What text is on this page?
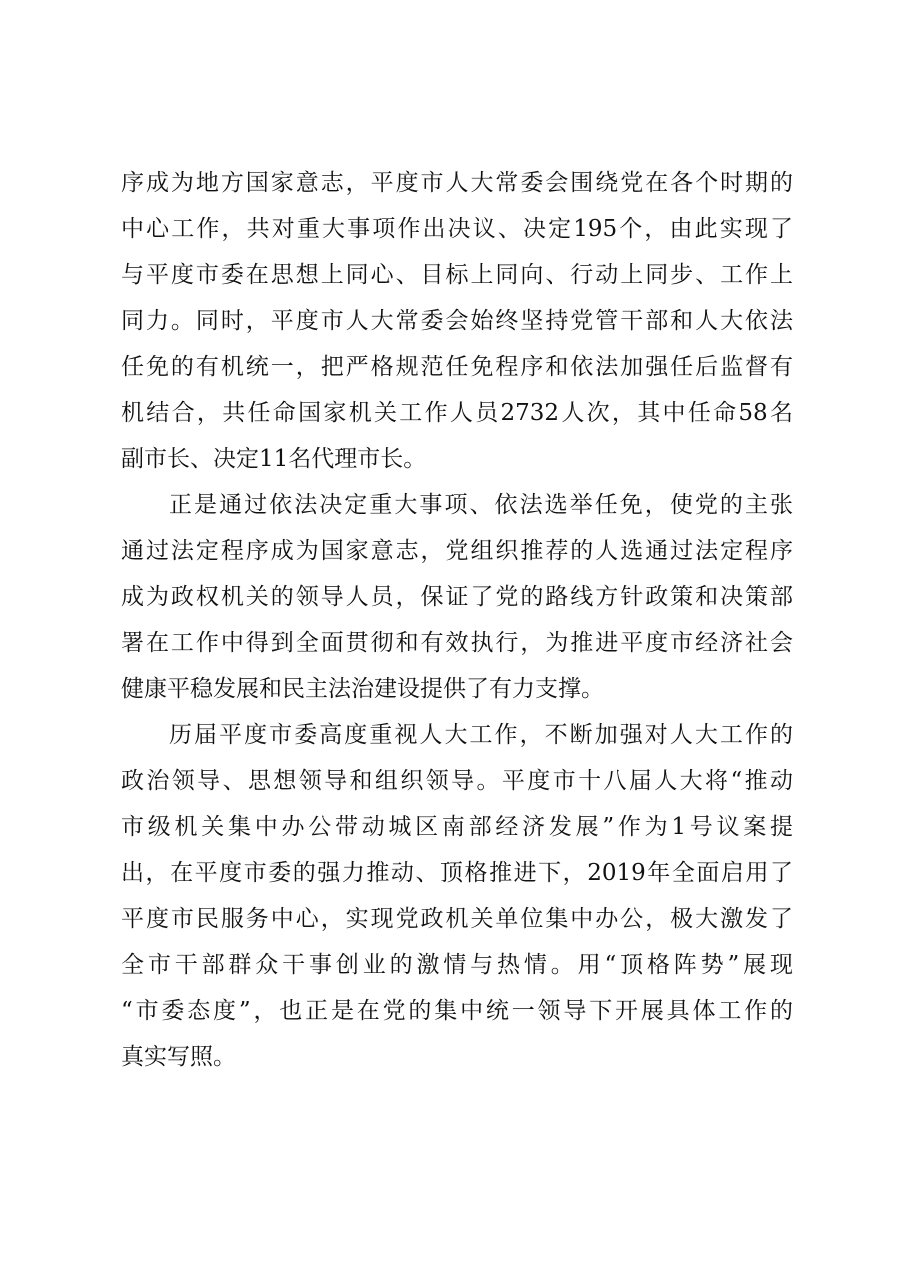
序成为地方国家意志，平度市人大常委会围绕党在各个时期的
中心工作，共对重大事项作出决议、决定195个，由此实现了
与平度市委在思想上同心、目标上同向、行动上同步、工作上
同力。同时，平度市人大常委会始终坚持党管干部和人大依法
任免的有机统一，把严格规范任免程序和依法加强任后监督有
机结合，共任命国家机关工作人员2732人次，其中任命58名
副市长、决定11名代理市长。
正是通过依法决定重大事项、依法选举任免，使党的主张
通过法定程序成为国家意志，党组织推荐的人选通过法定程序
成为政权机关的领导人员，保证了党的路线方针政策和决策部
署在工作中得到全面贯彻和有效执行，为推进平度市经济社会
健康平稳发展和民主法治建设提供了有力支撑。
历届平度市委高度重视人大工作，不断加强对人大工作的
政治领导、思想领导和组织领导。平度市十八届人大将“推动
市级机关集中办公带动城区南部经济发展”作为1号议案提
出，在平度市委的强力推动、顶格推进下，2019年全面启用了
平度市民服务中心，实现党政机关单位集中办公，极大激发了
全市干部群众干事创业的激情与热情。用“顶格阵势”展现
“市委态度”，也正是在党的集中统一领导下开展具体工作的
真实写照。
